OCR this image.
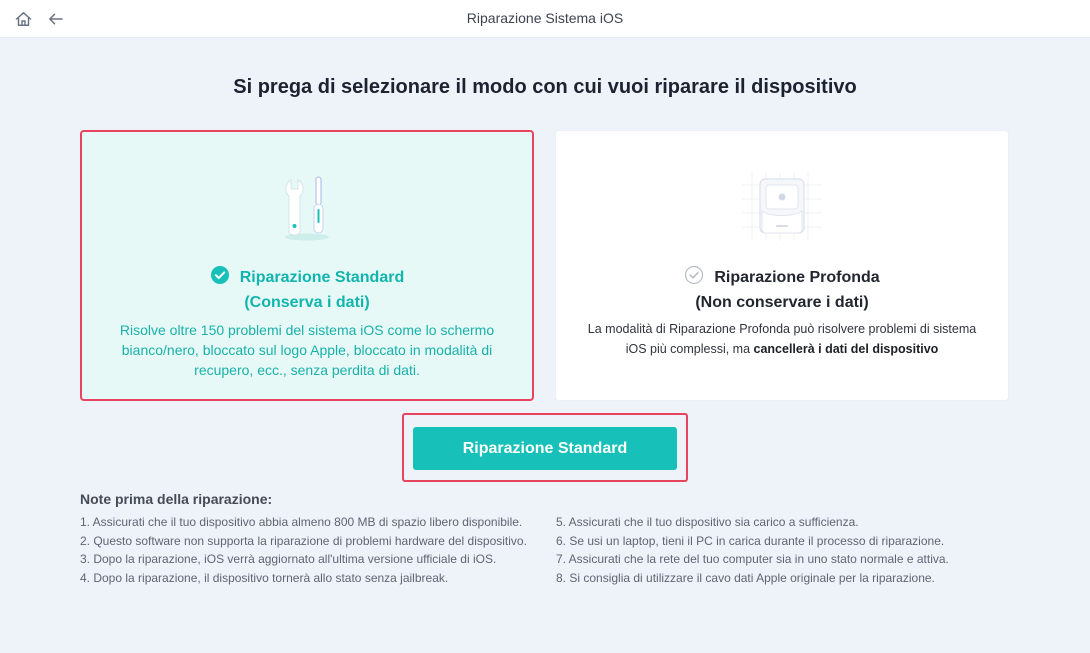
Riparazione Sistema iOS
Si prega di selezionare il modo con cui vuoi riparare il dispositivo
Riparazione Standard
(Conserva i dati)
Risolve oltre 150 problemi del sistema iOS come lo schermo bianco/nero, bloccato sul logo Apple, bloccato in modalità di recupero, ecc., senza perdita di dati.
Riparazione Profonda
(Non conservare i dati)
La modalità di Riparazione Profonda può risolvere problemi di sistema iOS più complessi, ma cancellerà i dati del dispositivo
Riparazione Standard
Note prima della riparazione:
1. Assicurati che il tuo dispositivo abbia almeno 800 MB di spazio libero disponibile.
2. Questo software non supporta la riparazione di problemi hardware del dispositivo.
3. Dopo la riparazione, iOS verrà aggiornato all'ultima versione ufficiale di iOS.
4. Dopo la riparazione, il dispositivo tornerà allo stato senza jailbreak.
5. Assicurati che il tuo dispositivo sia carico a sufficienza.
6. Se usi un laptop, tieni il PC in carica durante il processo di riparazione.
7. Assicurati che la rete del tuo computer sia in uno stato normale e attiva.
8. Si consiglia di utilizzare il cavo dati Apple originale per la riparazione.
